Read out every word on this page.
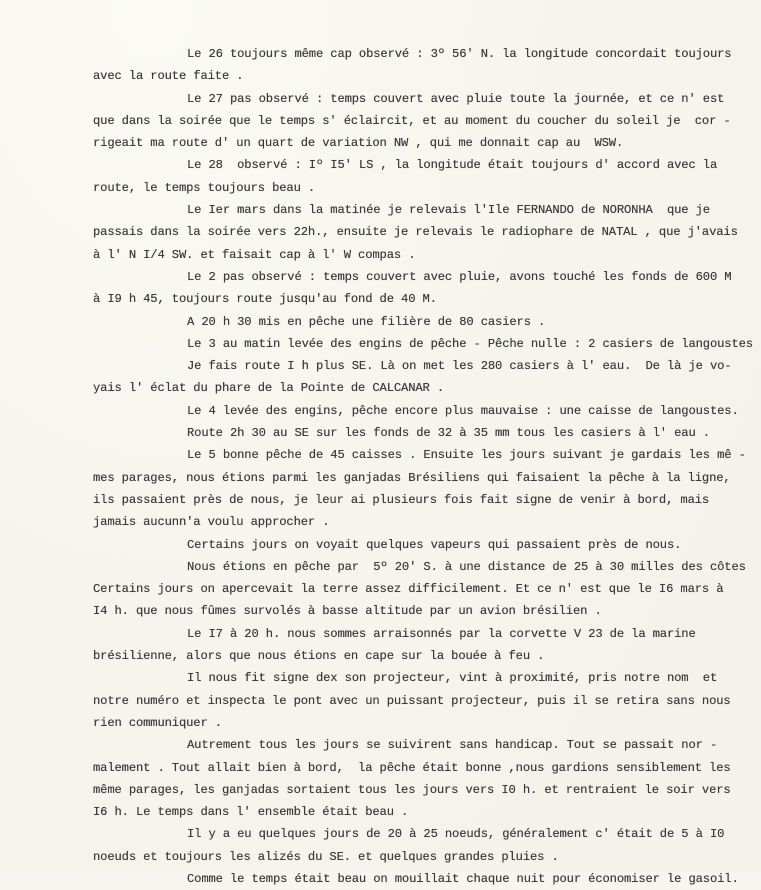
Le 26 toujours même cap observé : 3º 56' N. la longitude concordait toujours
avec la route faite .
Le 27 pas observé : temps couvert avec pluie toute la journée, et ce n' est
que dans la soirée que le temps s' éclaircit, et au moment du coucher du soleil je  cor -
rigeait ma route d' un quart de variation NW , qui me donnait cap au  WSW.
Le 28  observé : Iº I5' LS , la longitude était toujours d' accord avec la
route, le temps toujours beau .
Le Ier mars dans la matinée je relevais l'Ile FERNANDO de NORONHA  que je
passais dans la soirée vers 22h., ensuite je relevais le radiophare de NATAL , que j'avais
à l' N I/4 SW. et faisait cap à l' W compas .
Le 2 pas observé : temps couvert avec pluie, avons touché les fonds de 600 M
à I9 h 45, toujours route jusqu'au fond de 40 M.
A 20 h 30 mis en pêche une filière de 80 casiers .
Le 3 au matin levée des engins de pêche - Pêche nulle : 2 casiers de langoustes
Je fais route I h plus SE. Là on met les 280 casiers à l' eau.  De là je vo-
yais l' éclat du phare de la Pointe de CALCANAR .
Le 4 levée des engins, pêche encore plus mauvaise : une caisse de langoustes.
Route 2h 30 au SE sur les fonds de 32 à 35 mm tous les casiers à l' eau .
Le 5 bonne pêche de 45 caisses . Ensuite les jours suivant je gardais les mê -
mes parages, nous étions parmi les ganjadas Brésiliens qui faisaient la pêche à la ligne,
ils passaient près de nous, je leur ai plusieurs fois fait signe de venir à bord, mais
jamais aucunn'a voulu approcher .
Certains jours on voyait quelques vapeurs qui passaient près de nous.
Nous étions en pêche par  5º 20' S. à une distance de 25 à 30 milles des côtes
Certains jours on apercevait la terre assez difficilement. Et ce n' est que le I6 mars à
I4 h. que nous fûmes survolés à basse altitude par un avion brésilien .
Le I7 à 20 h. nous sommes arraisonnés par la corvette V 23 de la marine
brésilienne, alors que nous étions en cape sur la bouée à feu .
Il nous fit signe dex son projecteur, vint à proximité, pris notre nom  et
notre numéro et inspecta le pont avec un puissant projecteur, puis il se retira sans nous
rien communiquer .
Autrement tous les jours se suivirent sans handicap. Tout se passait nor -
malement . Tout allait bien à bord,  la pêche était bonne ,nous gardions sensiblement les
même parages, les ganjadas sortaient tous les jours vers I0 h. et rentraient le soir vers
I6 h. Le temps dans l' ensemble était beau .
Il y a eu quelques jours de 20 à 25 noeuds, généralement c' était de 5 à I0
noeuds et toujours les alizés du SE. et quelques grandes pluies .
Comme le temps était beau on mouillait chaque nuit pour économiser le gasoil.
